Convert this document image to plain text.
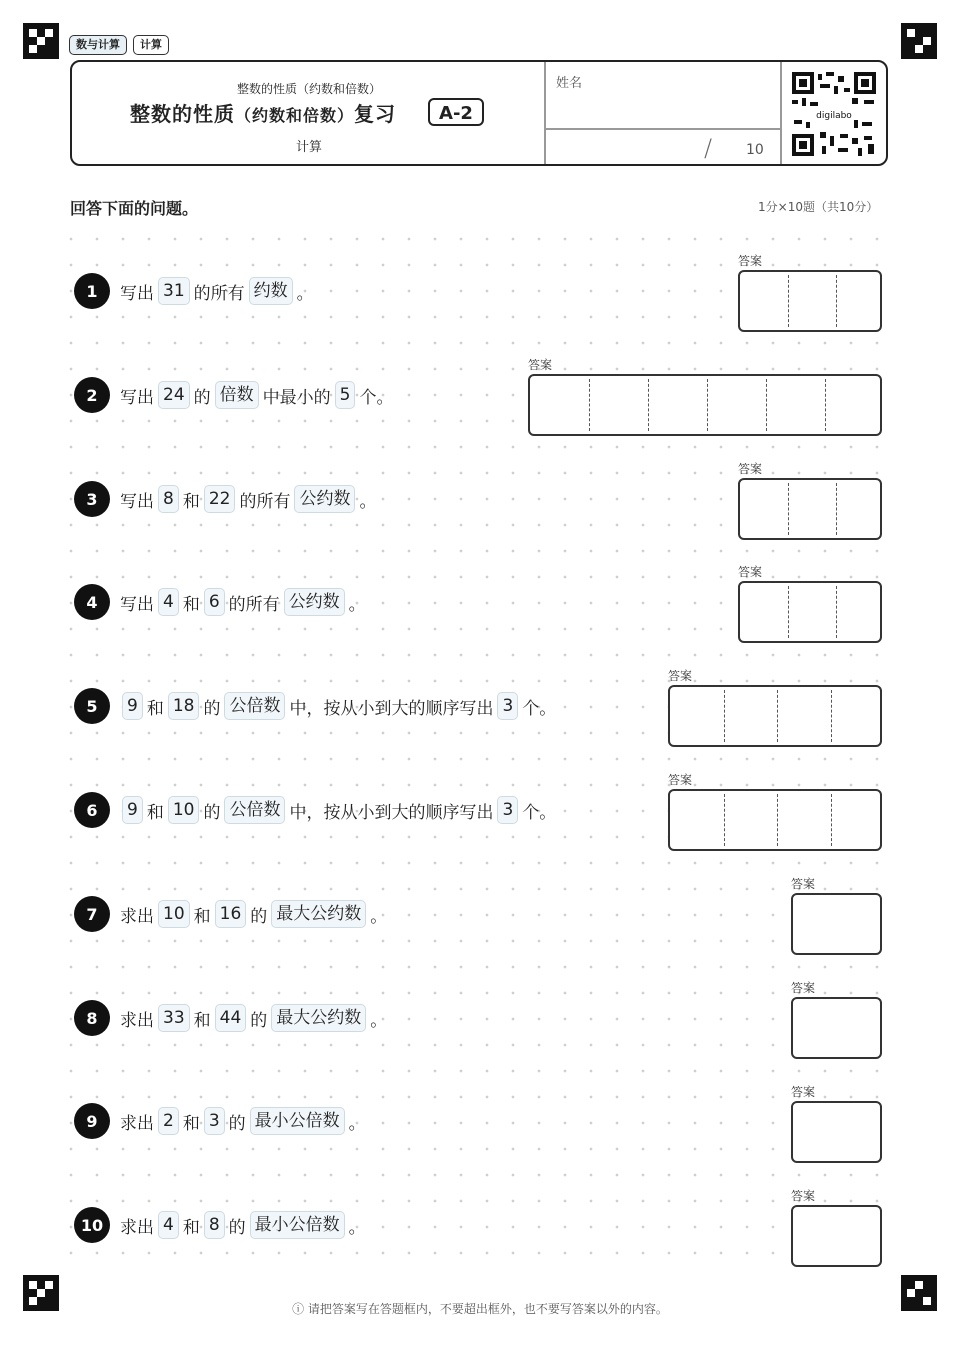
数与计算	计算
整数的性质（约数和倍数）
整数的性质（约数和倍数）复习	A-2
计算
姓名
/ 10
digilabo
回答下面的问题。	1分×10题（共10分）
1	写出 31 的所有 约数 。
答案
2	写出 24 的 倍数 中最小的 5 个。
答案
3	写出 8 和 22 的所有 公约数 。
答案
4	写出 4 和 6 的所有 公约数 。
答案
5	9 和 18 的 公倍数 中，按从小到大的顺序写出 3 个。
答案
6	9 和 10 的 公倍数 中，按从小到大的顺序写出 3 个。
答案
7	求出 10 和 16 的 最大公约数 。
答案
8	求出 33 和 44 的 最大公约数 。
答案
9	求出 2 和 3 的 最小公倍数 。
答案
10 求出 4 和 8 的 最小公倍数 。
答案
ⓘ 请把答案写在答题框内，不要超出框外，也不要写答案以外的内容。
